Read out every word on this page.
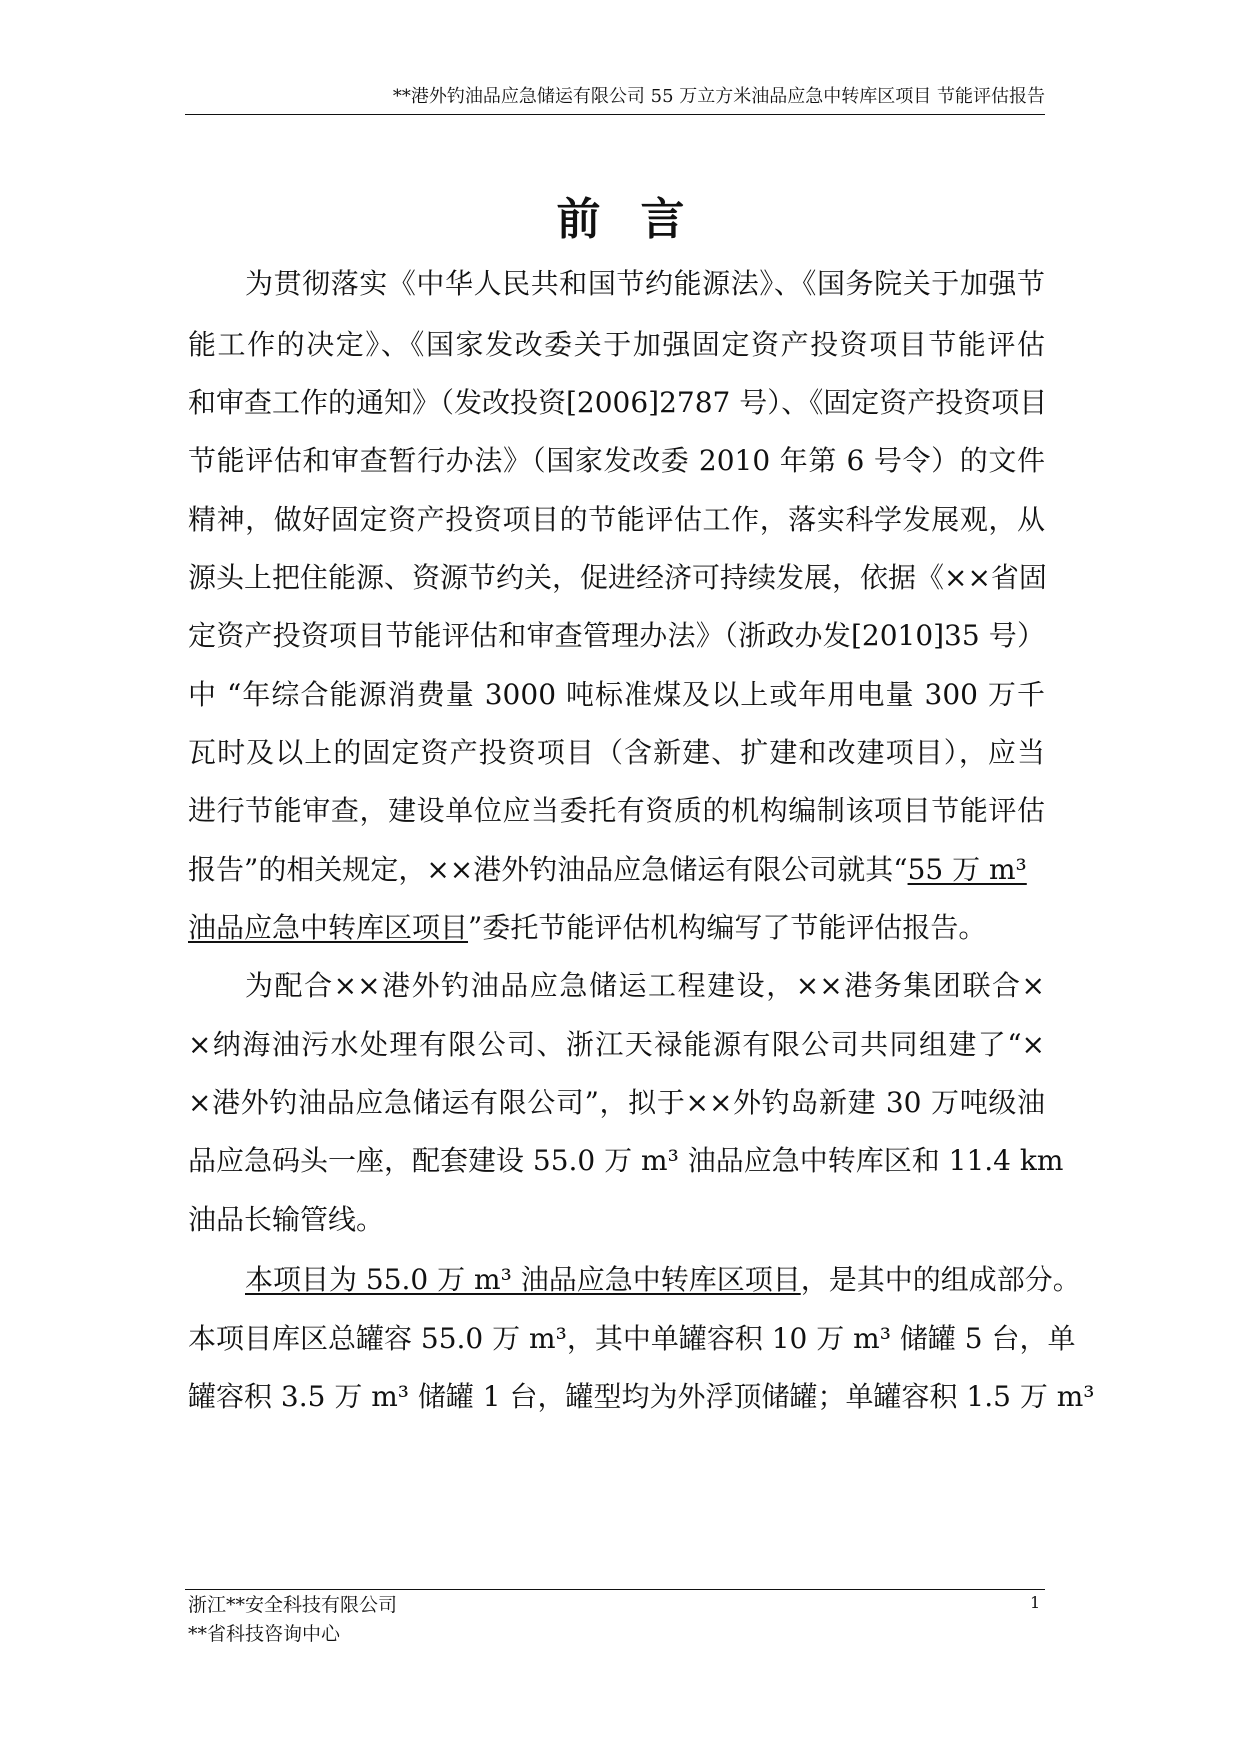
**港外钓油品应急储运有限公司 55 万立方米油品应急中转库区项目 节能评估报告
前言
为贯彻落实《中华人民共和国节约能源法》、《国务院关于加强节
能工作的决定》、《国家发改委关于加强固定资产投资项目节能评估
和审查工作的通知》（发改投资[2006]2787 号）、《固定资产投资项目
节能评估和审查暂行办法》（国家发改委 2010 年第 6 号令）的文件
精神，做好固定资产投资项目的节能评估工作，落实科学发展观，从
源头上把住能源、资源节约关，促进经济可持续发展，依据《××省固
定资产投资项目节能评估和审查管理办法》（浙政办发[2010]35 号）
中 “年综合能源消费量 3000 吨标准煤及以上或年用电量 300 万千
瓦时及以上的固定资产投资项目（含新建、扩建和改建项目），应当
进行节能审查，建设单位应当委托有资质的机构编制该项目节能评估
报告”的相关规定，××港外钓油品应急储运有限公司就其“55 万 m³
油品应急中转库区项目”委托节能评估机构编写了节能评估报告。
为配合××港外钓油品应急储运工程建设，××港务集团联合×
×纳海油污水处理有限公司、浙江天禄能源有限公司共同组建了“×
×港外钓油品应急储运有限公司”，拟于××外钓岛新建 30 万吨级油
品应急码头一座，配套建设 55.0 万 m³ 油品应急中转库区和 11.4 km
油品长输管线。
本项目为 55.0 万 m³ 油品应急中转库区项目，是其中的组成部分。
本项目库区总罐容 55.0 万 m³，其中单罐容积 10 万 m³ 储罐 5 台，单
罐容积 3.5 万 m³ 储罐 1 台，罐型均为外浮顶储罐；单罐容积 1.5 万 m³
浙江**安全科技有限公司
**省科技咨询中心
1
